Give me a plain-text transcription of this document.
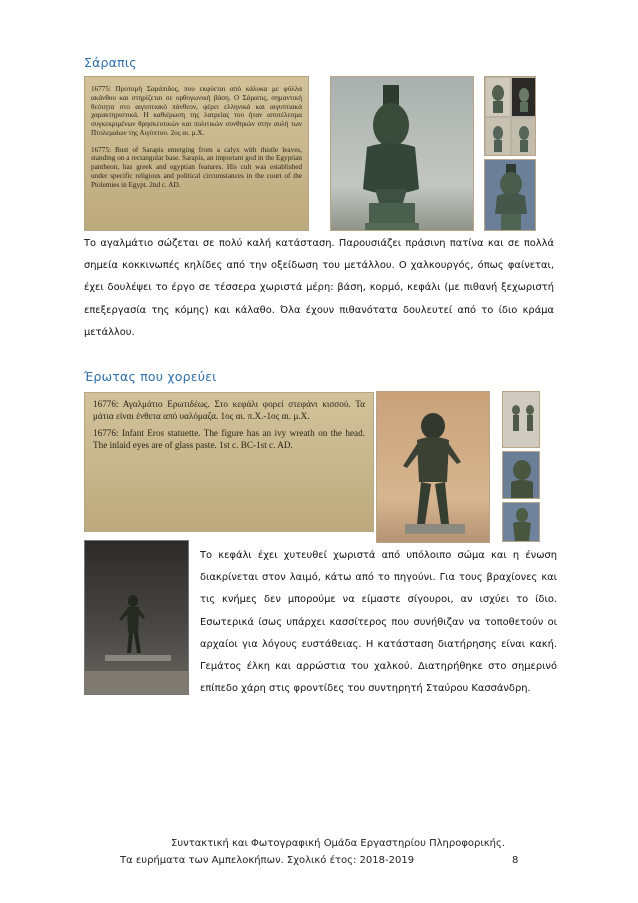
Σάραπις
16775: Προτομή Σαράπιδος, που εκφύεται από κάλυκα με φύλλα ακάνθου και στηρίζεται σε ορθογωνική βάση. Ο Σάραπις, σημαντική θεότητα στο αιγυπτιακό πάνθεον, φέρει ελληνικά και αιγυπτιακά χαρακτηριστικά. Η καθιέρωση της λατρείας του ήταν αποτέλεσμα συγκεκριμένων θρησκευτικών και πολιτικών συνθηκών στην αυλή των Πτολεμαίων της Αιγύπτου. 2ος αι. μ.Χ.
16775: Bust of Sarapis emerging from a calyx with thistle leaves, standing on a rectangular base. Sarapis, an important god in the Egyptian pantheon, has greek and egyptian features. His cult was established under specific religious and political circumstances in the court of the Ptolemies in Egypt. 2nd c. AD.
Το αγαλμάτιο σώζεται σε πολύ καλή κατάσταση. Παρουσιάζει πράσινη πατίνα και σε πολλά σημεία κοκκινωπές κηλίδες από την οξείδωση του μετάλλου. Ο χαλκουργός, όπως φαίνεται, έχει δουλέψει το έργο σε τέσσερα χωριστά μέρη: βάση, κορμό, κεφάλι (με πιθανή ξεχωριστή επεξεργασία της κόμης) και κάλαθο. Όλα έχουν πιθανότατα δουλευτεί από το ίδιο κράμα μετάλλου.
Έρωτας που χορεύει
16776: Αγαλμάτιο Ερωτιδέως. Στο κεφάλι φορεί στεφάνι κισσού. Τα μάτια είναι ένθετα από υαλόμαζα. 1ος αι. π.Χ.-1ος αι. μ.Χ.
16776: Infant Eros statuette. The figure has an ivy wreath on the head. The inlaid eyes are of glass paste. 1st c. BC-1st c. AD.
Το κεφάλι έχει χυτευθεί χωριστά από υπόλοιπο σώμα και η ένωση διακρίνεται στον λαιμό, κάτω από το πηγούνι. Για τους βραχίονες και τις κνήμες δεν μπορούμε να είμαστε σίγουροι, αν ισχύει το ίδιο. Εσωτερικά ίσως υπάρχει κασσίτερος που συνήθιζαν να τοποθετούν οι αρχαίοι για λόγους ευστάθειας. Η κατάσταση διατήρησης είναι κακή. Γεμάτος έλκη και αρρώστια του χαλκού. Διατηρήθηκε στο σημερινό επίπεδο χάρη στις φροντίδες του συντηρητή Σταύρου Κασσάνδρη.
Συντακτική και Φωτογραφική Ομάδα Εργαστηρίου Πληροφορικής.
Τα ευρήματα των Αμπελοκήπων. Σχολικό έτος: 2018-2019	8
